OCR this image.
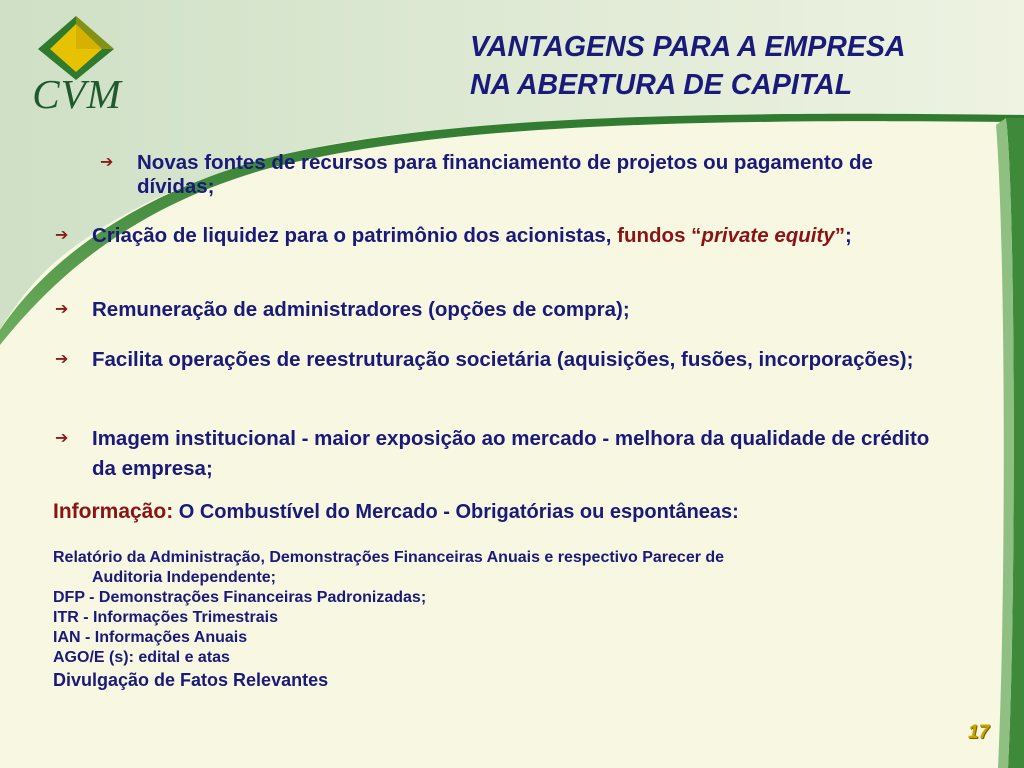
CVM
VANTAGENS PARA A EMPRESA
NA ABERTURA DE CAPITAL
➔ Novas fontes de recursos para financiamento de projetos ou pagamento de dívidas;
➔ Criação de liquidez para o patrimônio dos acionistas, fundos “private equity”;
➔ Remuneração de administradores (opções de compra);
➔ Facilita operações de reestruturação societária (aquisições, fusões, incorporações);
➔ Imagem institucional - maior exposição ao mercado - melhora da qualidade de crédito da empresa;
Informação: O Combustível do Mercado - Obrigatórias ou espontâneas:
Relatório da Administração, Demonstrações Financeiras Anuais e respectivo Parecer de
Auditoria Independente;
DFP - Demonstrações Financeiras Padronizadas;
ITR - Informações Trimestrais
IAN - Informações Anuais
AGO/E (s): edital e atas
Divulgação de Fatos Relevantes
17
